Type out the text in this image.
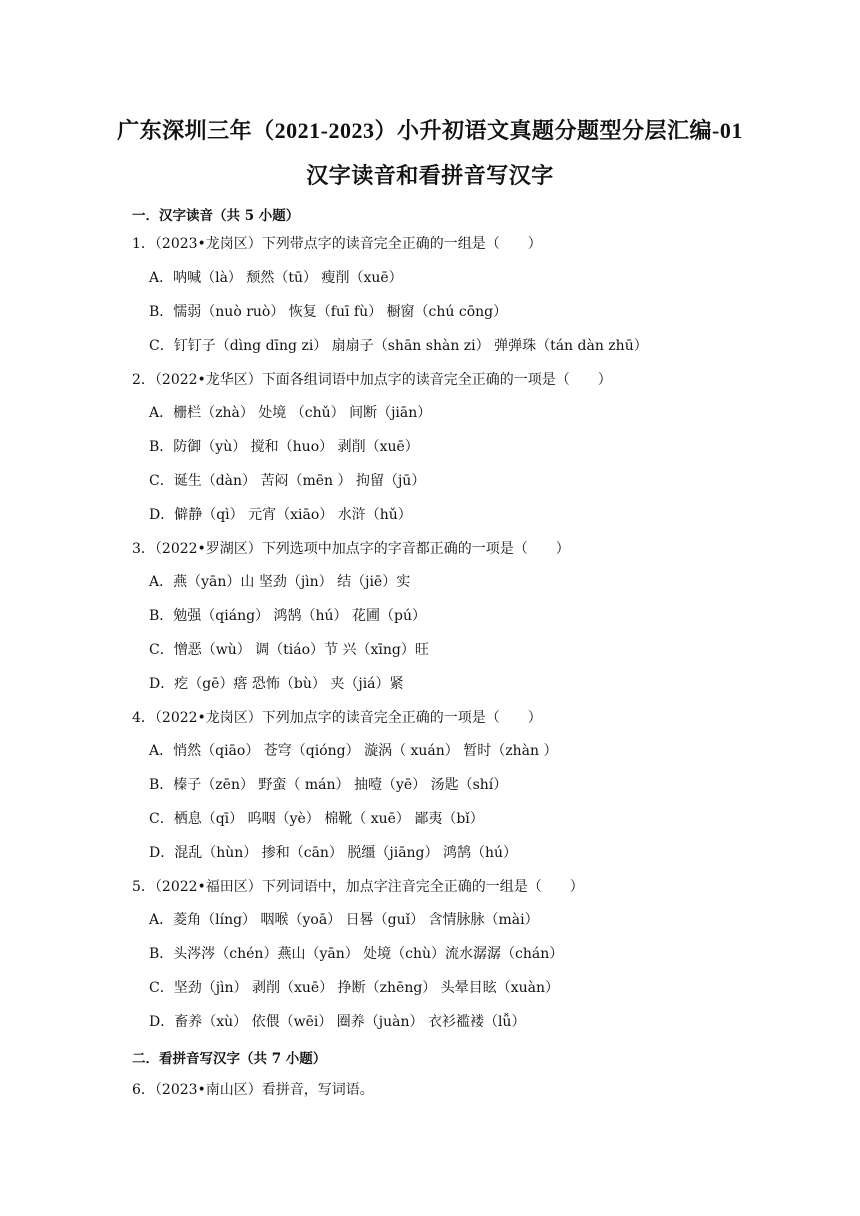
广东深圳三年（2021-2023）小升初语文真题分题型分层汇编-01
汉字读音和看拼音写汉字
一．汉字读音（共 5 小题）
1．（2023•龙岗区）下列带点字的读音完全正确的一组是（　　）
A．呐喊（là） 颓然（tū） 瘦削（xuē）
B．懦弱（nuò ruò） 恢复（fuī fù） 橱窗（chú cōng）
C．钉钉子（dìng dīng zi） 扇扇子（shān shàn zi） 弹弹珠（tán dàn zhū）
2．（2022•龙华区）下面各组词语中加点字的读音完全正确的一项是（　　）
A．栅栏（zhà） 处境 （chǔ） 间断（jiān）
B．防御（yù） 搅和（huo） 剥削（xuē）
C．诞生（dàn） 苦闷（mēn ） 拘留（jū）
D．僻静（qì） 元宵（xiāo） 水浒（hǔ）
3．（2022•罗湖区）下列选项中加点字的字音都正确的一项是（　　）
A．燕（yān）山 坚劲（jìn） 结（jiē）实
B．勉强（qiáng） 鸿鹄（hú） 花圃（pú）
C．憎恶（wù） 调（tiáo）节 兴（xīng）旺
D．疙（gē）瘩 恐怖（bù） 夹（jiá）紧
4．（2022•龙岗区）下列加点字的读音完全正确的一项是（　　）
A．悄然（qiāo） 苍穹（qióng） 漩涡（ xuán） 暂时（zhàn ）
B．榛子（zēn） 野蛮（ mán） 抽噎（yē） 汤匙（shí）
C．栖息（qī） 呜咽（yè） 棉靴（ xuē） 鄙夷（bǐ）
D．混乱（hùn） 掺和（cān） 脱缰（jiāng） 鸿鹄（hú）
5．（2022•福田区）下列词语中，加点字注音完全正确的一组是（　　）
A．菱角（líng） 咽喉（yoā） 日晷（guǐ） 含情脉脉（mài）
B．头涔涔（chén）燕山（yān） 处境（chù）流水潺潺（chán）
C．坚劲（jìn） 剥削（xuē） 挣断（zhēng） 头晕目眩（xuàn）
D．畜养（xù） 依偎（wēi） 圈养（juàn） 衣衫褴褛（lǚ）
二．看拼音写汉字（共 7 小题）
6．（2023•南山区）看拼音，写词语。
